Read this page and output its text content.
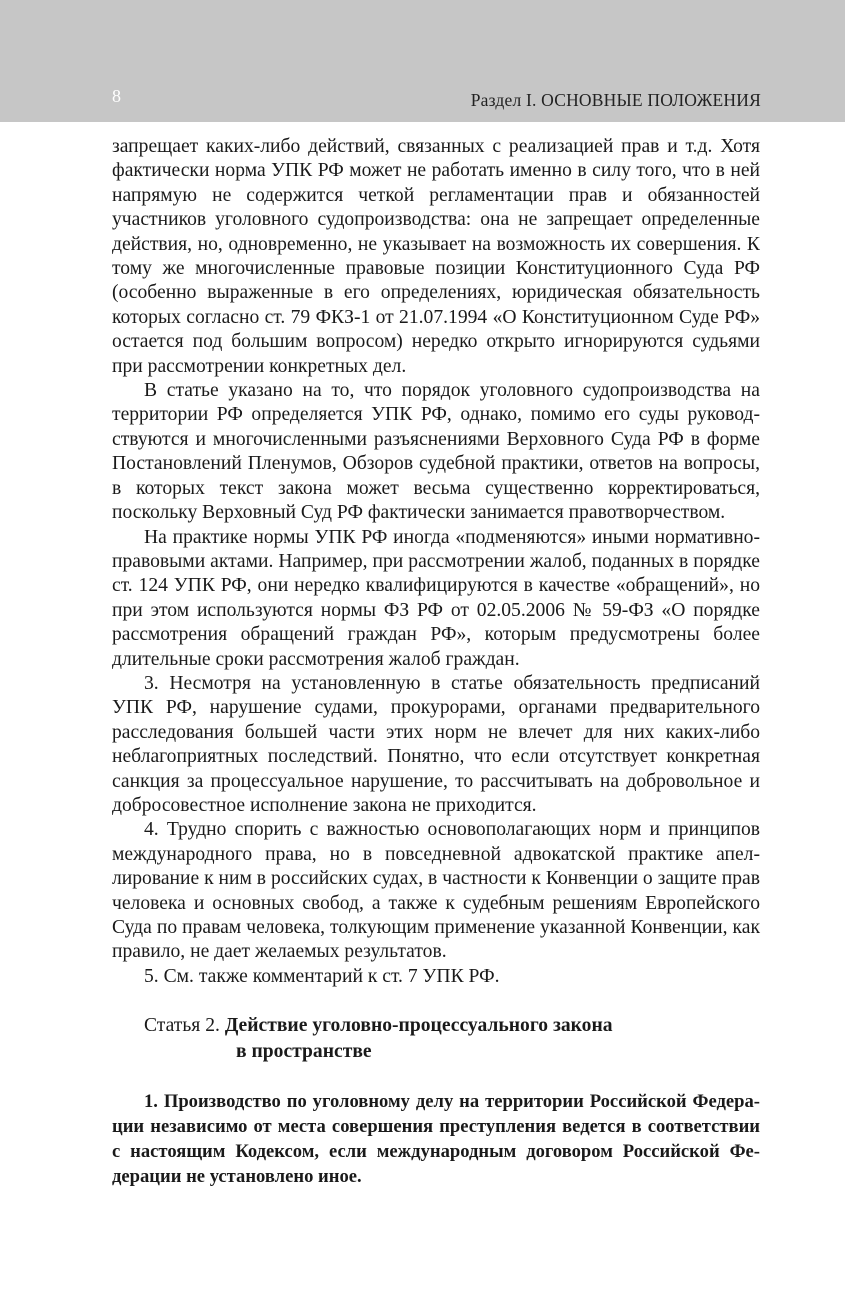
8	Раздел I. ОСНОВНЫЕ ПОЛОЖЕНИЯ

запрещает каких-либо действий, связанных с реализацией прав и т.д. Хотя фактически норма УПК РФ может не работать именно в силу того, что в ней напрямую не содержится четкой регламентации прав и обязанностей участников уголовного судопроизводства: она не запрещает определенные действия, но, одновременно, не указывает на возможность их совершения. К тому же многочисленные правовые позиции Конституционного Суда РФ (особенно выраженные в его определениях, юридическая обязательность которых согласно ст. 79 ФКЗ-1 от 21.07.1994 «О Конституционном Суде РФ» остается под большим вопросом) нередко открыто игнорируются судьями при рассмотрении конкретных дел.

В статье указано на то, что порядок уголовного судопроизводства на территории РФ определяется УПК РФ, однако, помимо его суды руководствуются и многочисленными разъяснениями Верховного Суда РФ в форме Постановлений Пленумов, Обзоров судебной практики, ответов на вопросы, в которых текст закона может весьма существенно корректироваться, поскольку Верховный Суд РФ фактически занимается правотворчеством.

На практике нормы УПК РФ иногда «подменяются» иными нормативно-правовыми актами. Например, при рассмотрении жалоб, поданных в порядке ст. 124 УПК РФ, они нередко квалифицируются в качестве «обращений», но при этом используются нормы ФЗ РФ от 02.05.2006 № 59-ФЗ «О порядке рассмотрения обращений граждан РФ», которым предусмотрены более длительные сроки рассмотрения жалоб граждан.

3. Несмотря на установленную в статье обязательность предписаний УПК РФ, нарушение судами, прокурорами, органами предварительного расследования большей части этих норм не влечет для них каких-либо неблагоприятных последствий. Понятно, что если отсутствует конкретная санкция за процессуальное нарушение, то рассчитывать на добровольное и добросовестное исполнение закона не приходится.

4. Трудно спорить с важностью основополагающих норм и принципов международного права, но в повседневной адвокатской практике апеллирование к ним в российских судах, в частности к Конвенции о защите прав человека и основных свобод, а также к судебным решениям Европейского Суда по правам человека, толкующим применение указанной Конвенции, как правило, не дает желаемых результатов.

5. См. также комментарий к ст. 7 УПК РФ.

Статья 2. Действие уголовно-процессуального закона
в пространстве

1. Производство по уголовному делу на территории Российской Федерации независимо от места совершения преступления ведется в соответствии с настоящим Кодексом, если международным договором Российской Федерации не установлено иное.
